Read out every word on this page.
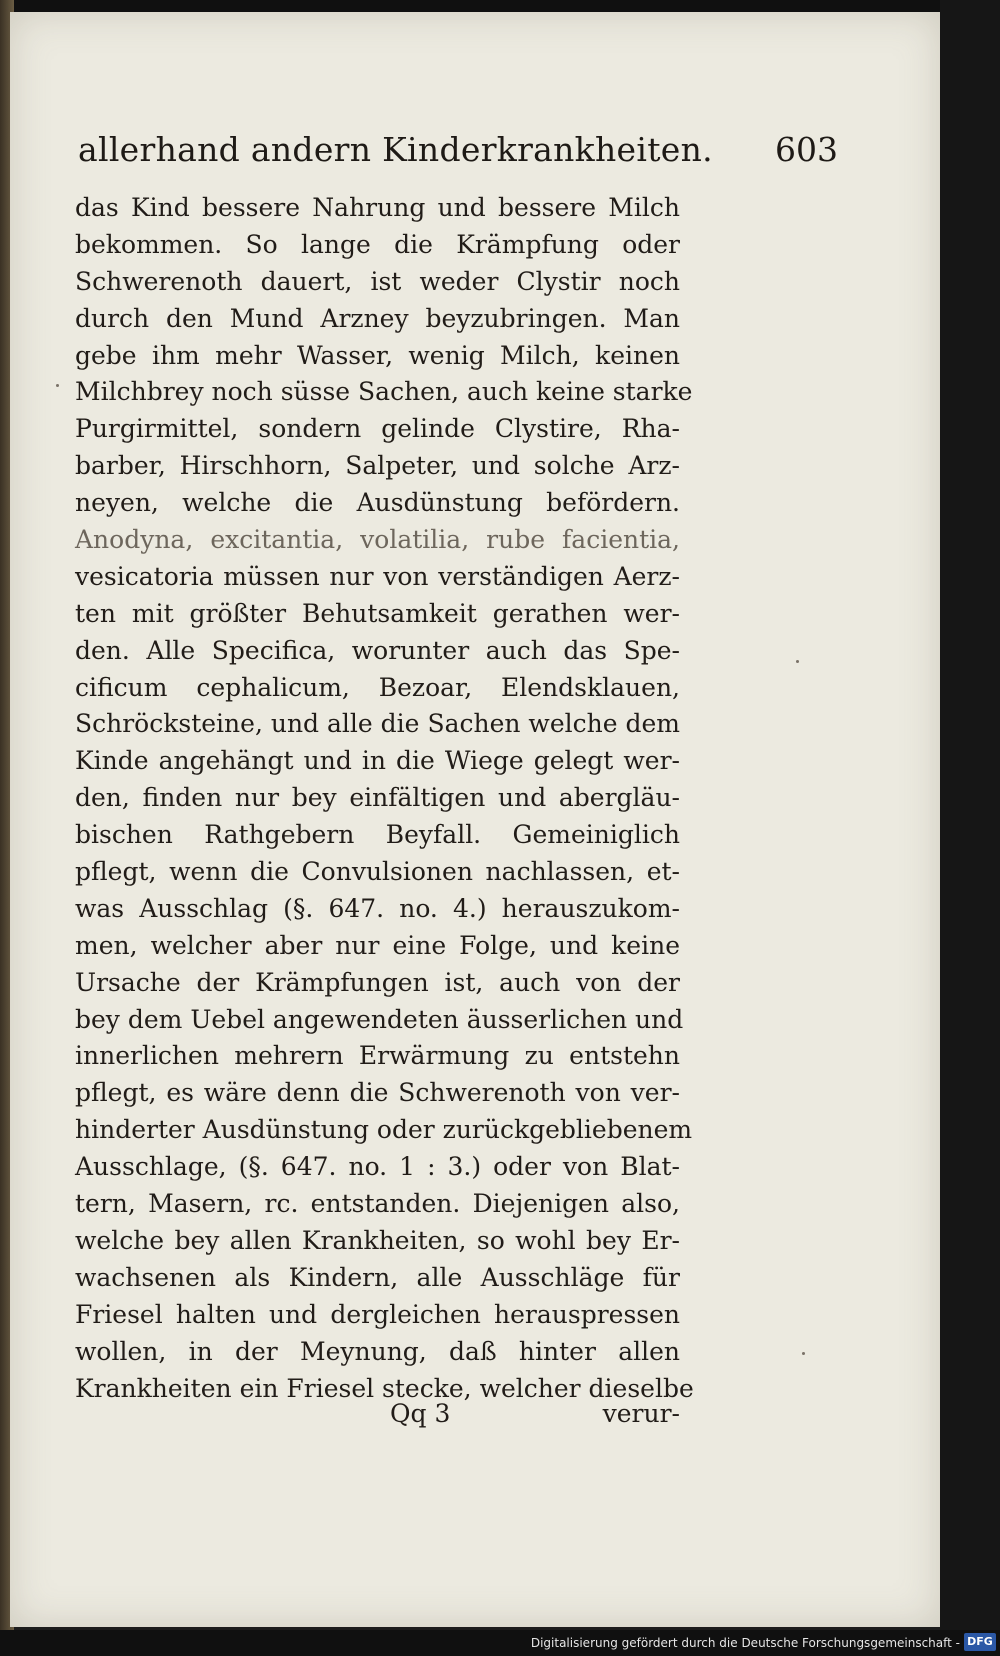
allerhand andern Kinderkrankheiten. 603
das Kind bessere Nahrung und bessere Milch
bekommen. So lange die Krämpfung oder
Schwerenoth dauert, ist weder Clystir noch
durch den Mund Arzney beyzubringen. Man
gebe ihm mehr Wasser, wenig Milch, keinen
Milchbrey noch süsse Sachen, auch keine starke
Purgirmittel, sondern gelinde Clystire, Rha-
barber, Hirschhorn, Salpeter, und solche Arz-
neyen, welche die Ausdünstung befördern.
Anodyna, excitantia, volatilia, rube facientia,
vesicatoria müssen nur von verständigen Aerz-
ten mit größter Behutsamkeit gerathen wer-
den. Alle Specifica, worunter auch das Spe-
cificum cephalicum, Bezoar, Elendsklauen,
Schröcksteine, und alle die Sachen welche dem
Kinde angehängt und in die Wiege gelegt wer-
den, finden nur bey einfältigen und abergläu-
bischen Rathgebern Beyfall. Gemeiniglich
pflegt, wenn die Convulsionen nachlassen, et-
was Ausschlag (§. 647. no. 4.) herauszukom-
men, welcher aber nur eine Folge, und keine
Ursache der Krämpfungen ist, auch von der
bey dem Uebel angewendeten äusserlichen und
innerlichen mehrern Erwärmung zu entstehn
pflegt, es wäre denn die Schwerenoth von ver-
hinderter Ausdünstung oder zurückgebliebenem
Ausschlage, (§. 647. no. 1 : 3.) oder von Blat-
tern, Masern, rc. entstanden. Diejenigen also,
welche bey allen Krankheiten, so wohl bey Er-
wachsenen als Kindern, alle Ausschläge für
Friesel halten und dergleichen herauspressen
wollen, in der Meynung, daß hinter allen
Krankheiten ein Friesel stecke, welcher dieselbe
Qq 3	verur-
Digitalisierung gefördert durch die Deutsche Forschungsgemeinschaft - DFG
